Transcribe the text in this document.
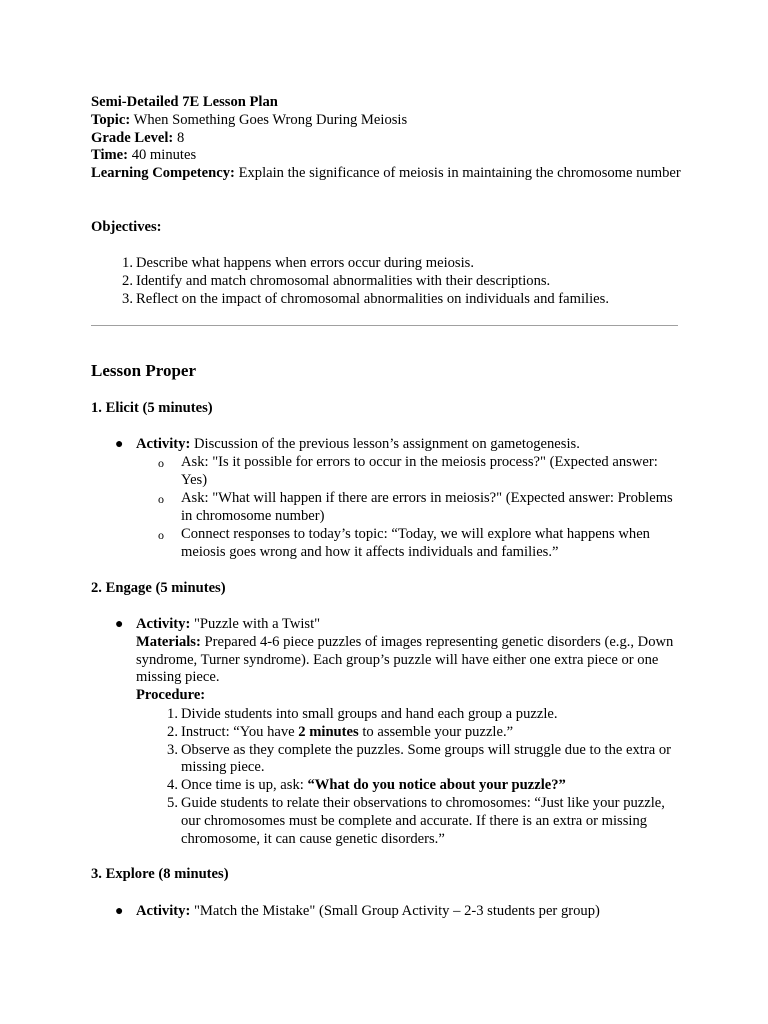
Semi-Detailed 7E Lesson Plan

Topic: When Something Goes Wrong During Meiosis

Grade Level: 8

Time: 40 minutes

Learning Competency: Explain the significance of meiosis in maintaining the chromosome number

Objectives:

1. Describe what happens when errors occur during meiosis.
2. Identify and match chromosomal abnormalities with their descriptions.
3. Reflect on the impact of chromosomal abnormalities on individuals and families.

Lesson Proper

1. Elicit (5 minutes)

● Activity: Discussion of the previous lesson’s assignment on gametogenesis.
o Ask: "Is it possible for errors to occur in the meiosis process?" (Expected answer: Yes)
o Ask: "What will happen if there are errors in meiosis?" (Expected answer: Problems in chromosome number)
o Connect responses to today’s topic: “Today, we will explore what happens when meiosis goes wrong and how it affects individuals and families.”

2. Engage (5 minutes)

● Activity: "Puzzle with a Twist"

Materials: Prepared 4-6 piece puzzles of images representing genetic disorders (e.g., Down syndrome, Turner syndrome). Each group’s puzzle will have either one extra piece or one missing piece.

Procedure:

1. Divide students into small groups and hand each group a puzzle.
2. Instruct: “You have 2 minutes to assemble your puzzle.”
3. Observe as they complete the puzzles. Some groups will struggle due to the extra or missing piece.
4. Once time is up, ask: “What do you notice about your puzzle?”
5. Guide students to relate their observations to chromosomes: “Just like your puzzle, our chromosomes must be complete and accurate. If there is an extra or missing chromosome, it can cause genetic disorders.”

3. Explore (8 minutes)

● Activity: "Match the Mistake" (Small Group Activity – 2-3 students per group)
